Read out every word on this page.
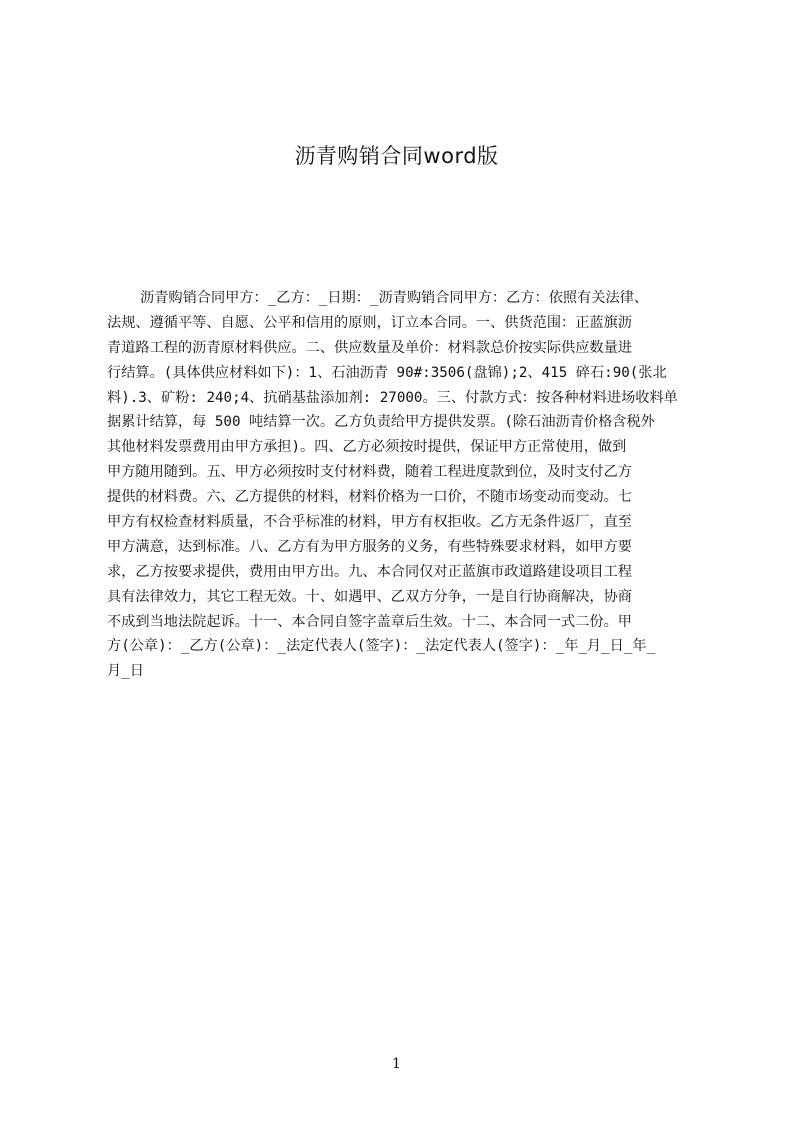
沥青购销合同word版
沥青购销合同甲方：_乙方：_日期：_沥青购销合同甲方：乙方：依照有关法律、
法规、遵循平等、自愿、公平和信用的原则，订立本合同。一、供货范围：正蓝旗沥
青道路工程的沥青原材料供应。二、供应数量及单价：材料款总价按实际供应数量进
行结算。(具体供应材料如下)：1、石油沥青 90#:3506(盘锦);2、415 碎石:90(张北
料).3、矿粉: 240;4、抗硝基盐添加剂: 27000。三、付款方式：按各种材料进场收料单
据累计结算，每 500 吨结算一次。乙方负责给甲方提供发票。(除石油沥青价格含税外
其他材料发票费用由甲方承担)。四、乙方必须按时提供，保证甲方正常使用，做到
甲方随用随到。五、甲方必须按时支付材料费，随着工程进度款到位，及时支付乙方
提供的材料费。六、乙方提供的材料，材料价格为一口价，不随市场变动而变动。七
甲方有权检查材料质量，不合乎标准的材料，甲方有权拒收。乙方无条件返厂，直至
甲方满意，达到标准。八、乙方有为甲方服务的义务，有些特殊要求材料，如甲方要
求，乙方按要求提供，费用由甲方出。九、本合同仅对正蓝旗市政道路建设项目工程
具有法律效力，其它工程无效。十、如遇甲、乙双方分争，一是自行协商解决，协商
不成到当地法院起诉。十一、本合同自签字盖章后生效。十二、本合同一式二份。甲
方(公章)：_乙方(公章)：_法定代表人(签字)：_法定代表人(签字)：_年_月_日_年_
月_日
1
